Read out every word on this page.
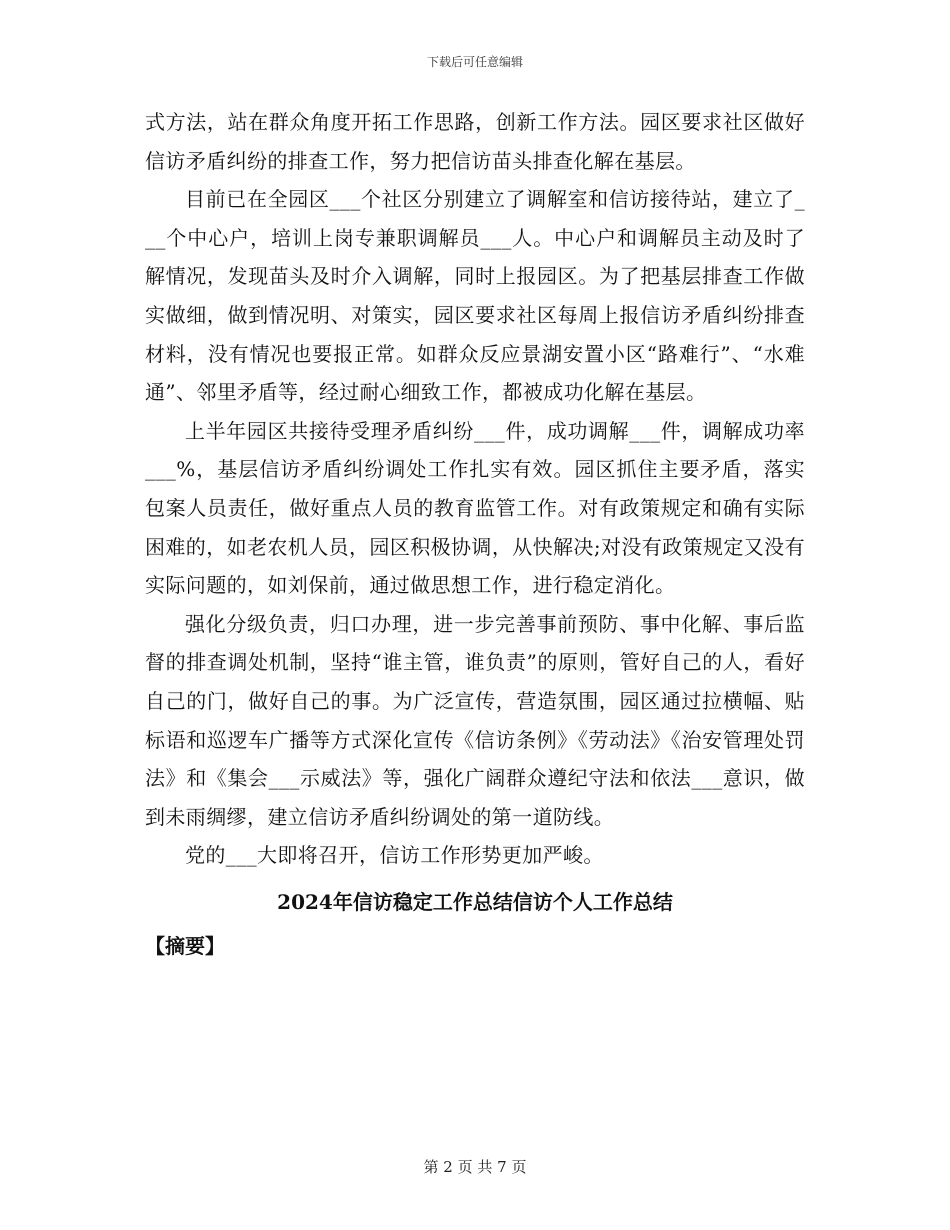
下载后可任意编辑

式方法，站在群众角度开拓工作思路，创新工作方法。园区要求社区做好信访矛盾纠纷的排查工作，努力把信访苗头排查化解在基层。

目前已在全园区___个社区分别建立了调解室和信访接待站，建立了___个中心户，培训上岗专兼职调解员___人。中心户和调解员主动及时了解情况，发现苗头及时介入调解，同时上报园区。为了把基层排查工作做实做细，做到情况明、对策实，园区要求社区每周上报信访矛盾纠纷排查材料，没有情况也要报正常。如群众反应景湖安置小区“路难行”、“水难通”、邻里矛盾等，经过耐心细致工作，都被成功化解在基层。

上半年园区共接待受理矛盾纠纷___件，成功调解___件，调解成功率___%，基层信访矛盾纠纷调处工作扎实有效。园区抓住主要矛盾，落实包案人员责任，做好重点人员的教育监管工作。对有政策规定和确有实际困难的，如老农机人员，园区积极协调，从快解决;对没有政策规定又没有实际问题的，如刘保前，通过做思想工作，进行稳定消化。

强化分级负责，归口办理，进一步完善事前预防、事中化解、事后监督的排查调处机制，坚持“谁主管，谁负责”的原则，管好自己的人，看好自己的门，做好自己的事。为广泛宣传，营造氛围，园区通过拉横幅、贴标语和巡逻车广播等方式深化宣传《信访条例》《劳动法》《治安管理处罚法》和《集会___示威法》等，强化广阔群众遵纪守法和依法___意识，做到未雨绸缪，建立信访矛盾纠纷调处的第一道防线。

党的___大即将召开，信访工作形势更加严峻。

2024年信访稳定工作总结信访个人工作总结
【摘要】
第 2 页 共 7 页
